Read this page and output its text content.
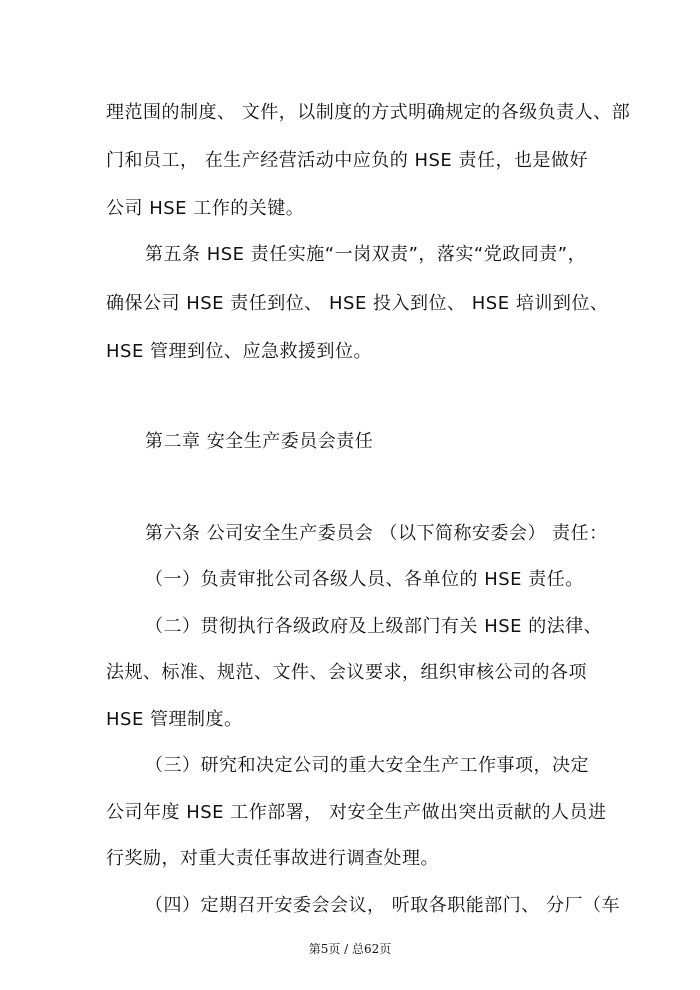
理范围的制度、 文件，以制度的方式明确规定的各级负责人、部
门和员工， 在生产经营活动中应负的 HSE 责任，也是做好
公司 HSE 工作的关键。
第五条 HSE 责任实施“一岗双责”，落实“党政同责”，
确保公司 HSE 责任到位、 HSE 投入到位、 HSE 培训到位、
HSE 管理到位、应急救援到位。
第二章 安全生产委员会责任
第六条 公司安全生产委员会 （以下简称安委会） 责任：
（一）负责审批公司各级人员、各单位的 HSE 责任。
（二）贯彻执行各级政府及上级部门有关 HSE 的法律、
法规、标准、规范、文件、会议要求，组织审核公司的各项
HSE 管理制度。
（三）研究和决定公司的重大安全生产工作事项，决定
公司年度 HSE 工作部署， 对安全生产做出突出贡献的人员进
行奖励，对重大责任事故进行调查处理。
（四）定期召开安委会会议， 听取各职能部门、 分厂（车
第5页 / 总62页
